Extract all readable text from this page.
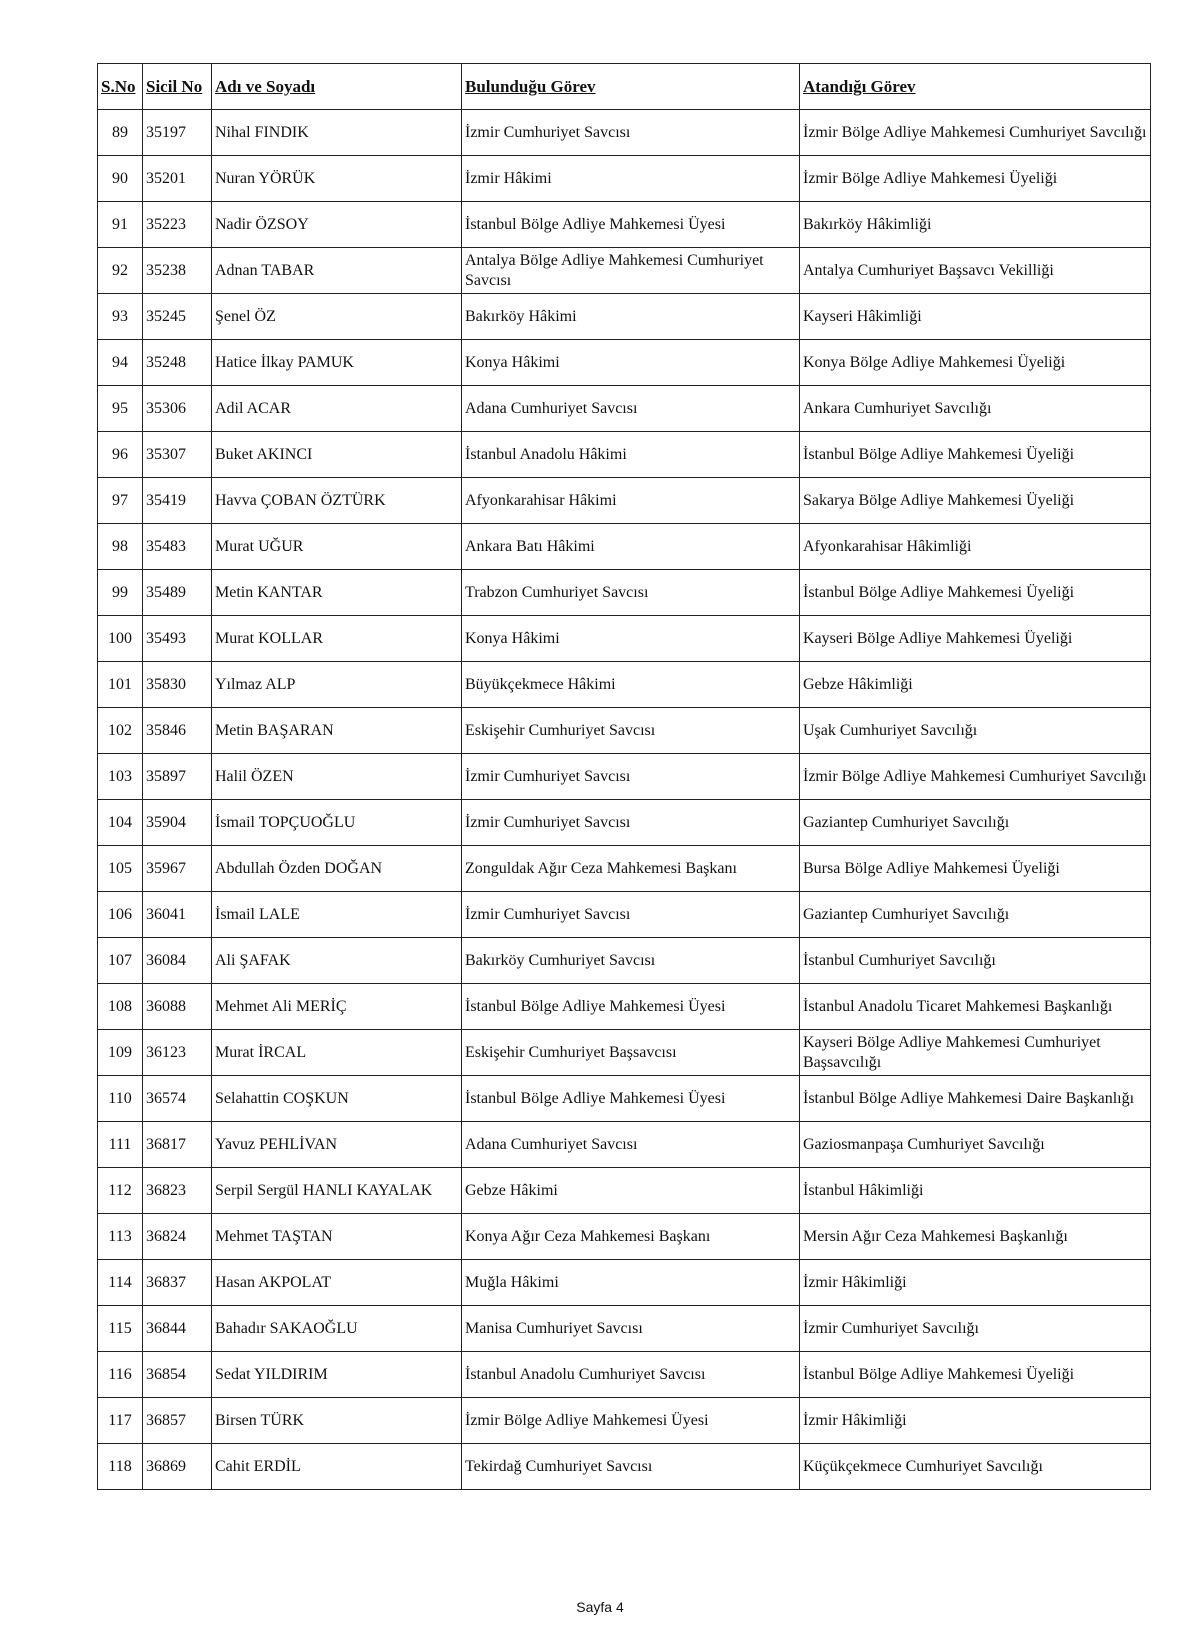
S.No	Sicil No	Adı ve Soyadı	Bulunduğu Görev	Atandığı Görev
89	35197	Nihal FINDIK	İzmir Cumhuriyet Savcısı	İzmir Bölge Adliye Mahkemesi Cumhuriyet Savcılığı
90	35201	Nuran YÖRÜK	İzmir Hâkimi	İzmir Bölge Adliye Mahkemesi Üyeliği
91	35223	Nadir ÖZSOY	İstanbul Bölge Adliye Mahkemesi Üyesi	Bakırköy Hâkimliği
92	35238	Adnan TABAR	Antalya Bölge Adliye Mahkemesi Cumhuriyet Savcısı	Antalya Cumhuriyet Başsavcı Vekilliği
93	35245	Şenel ÖZ	Bakırköy Hâkimi	Kayseri Hâkimliği
94	35248	Hatice İlkay PAMUK	Konya Hâkimi	Konya Bölge Adliye Mahkemesi Üyeliği
95	35306	Adil ACAR	Adana Cumhuriyet Savcısı	Ankara Cumhuriyet Savcılığı
96	35307	Buket AKINCI	İstanbul Anadolu Hâkimi	İstanbul Bölge Adliye Mahkemesi Üyeliği
97	35419	Havva ÇOBAN ÖZTÜRK	Afyonkarahisar Hâkimi	Sakarya Bölge Adliye Mahkemesi Üyeliği
98	35483	Murat UĞUR	Ankara Batı Hâkimi	Afyonkarahisar Hâkimliği
99	35489	Metin KANTAR	Trabzon Cumhuriyet Savcısı	İstanbul Bölge Adliye Mahkemesi Üyeliği
100	35493	Murat KOLLAR	Konya Hâkimi	Kayseri Bölge Adliye Mahkemesi Üyeliği
101	35830	Yılmaz ALP	Büyükçekmece Hâkimi	Gebze Hâkimliği
102	35846	Metin BAŞARAN	Eskişehir Cumhuriyet Savcısı	Uşak Cumhuriyet Savcılığı
103	35897	Halil ÖZEN	İzmir Cumhuriyet Savcısı	İzmir Bölge Adliye Mahkemesi Cumhuriyet Savcılığı
104	35904	İsmail TOPÇUOĞLU	İzmir Cumhuriyet Savcısı	Gaziantep Cumhuriyet Savcılığı
105	35967	Abdullah Özden DOĞAN	Zonguldak Ağır Ceza Mahkemesi Başkanı	Bursa Bölge Adliye Mahkemesi Üyeliği
106	36041	İsmail LALE	İzmir Cumhuriyet Savcısı	Gaziantep Cumhuriyet Savcılığı
107	36084	Ali ŞAFAK	Bakırköy Cumhuriyet Savcısı	İstanbul Cumhuriyet Savcılığı
108	36088	Mehmet Ali MERİÇ	İstanbul Bölge Adliye Mahkemesi Üyesi	İstanbul Anadolu Ticaret Mahkemesi Başkanlığı
109	36123	Murat İRCAL	Eskişehir Cumhuriyet Başsavcısı	Kayseri Bölge Adliye Mahkemesi Cumhuriyet Başsavcılığı
110	36574	Selahattin COŞKUN	İstanbul Bölge Adliye Mahkemesi Üyesi	İstanbul Bölge Adliye Mahkemesi Daire Başkanlığı
111	36817	Yavuz PEHLİVAN	Adana Cumhuriyet Savcısı	Gaziosmanpaşa Cumhuriyet Savcılığı
112	36823	Serpil Sergül HANLI KAYALAK	Gebze Hâkimi	İstanbul Hâkimliği
113	36824	Mehmet TAŞTAN	Konya Ağır Ceza Mahkemesi Başkanı	Mersin Ağır Ceza Mahkemesi Başkanlığı
114	36837	Hasan AKPOLAT	Muğla Hâkimi	İzmir Hâkimliği
115	36844	Bahadır SAKAOĞLU	Manisa Cumhuriyet Savcısı	İzmir Cumhuriyet Savcılığı
116	36854	Sedat YILDIRIM	İstanbul Anadolu Cumhuriyet Savcısı	İstanbul Bölge Adliye Mahkemesi Üyeliği
117	36857	Birsen TÜRK	İzmir Bölge Adliye Mahkemesi Üyesi	İzmir Hâkimliği
118	36869	Cahit ERDİL	Tekirdağ Cumhuriyet Savcısı	Küçükçekmece Cumhuriyet Savcılığı
Sayfa 4
